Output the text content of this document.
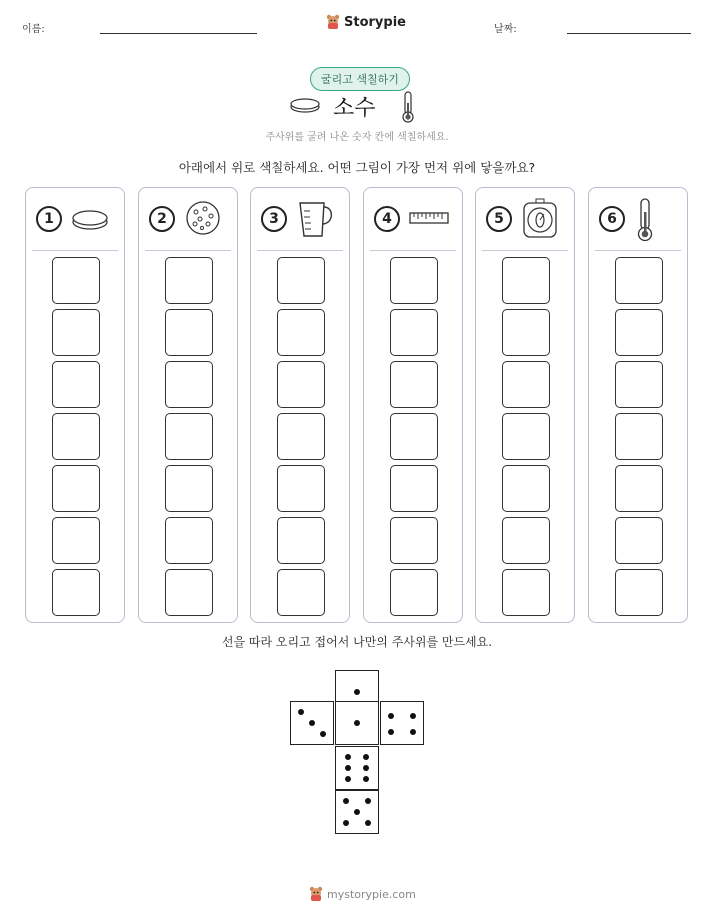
이름:	Storypie	날짜:
굴리고 색칠하기
소수
주사위를 굴려 나온 숫자 칸에 색칠하세요.
아래에서 위로 색칠하세요. 어떤 그림이 가장 먼저 위에 닿을까요?
1	2	3	4	5	6
선을 따라 오리고 접어서 나만의 주사위를 만드세요.
mystorypie.com
